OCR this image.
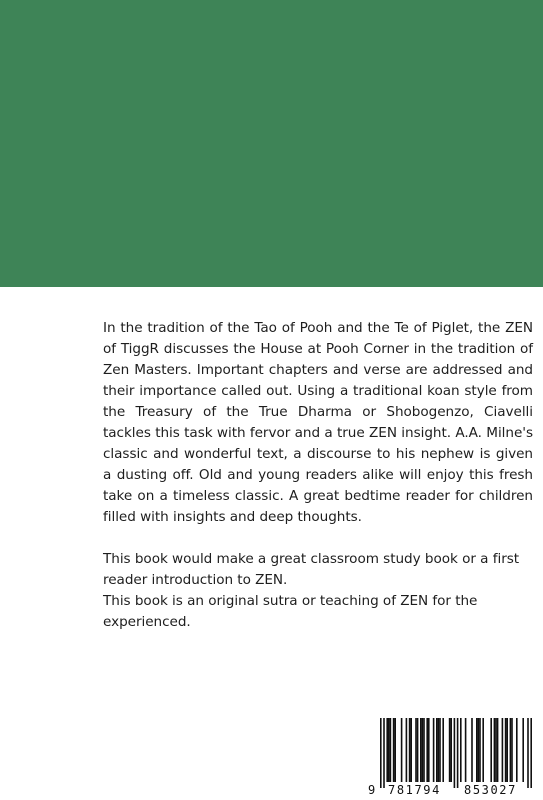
In the tradition of the Tao of Pooh and the Te of Piglet, the ZEN of TiggR discusses the House at Pooh Corner in the tradition of Zen Masters. Important chapters and verse are addressed and their importance called out. Using a traditional koan style from the Treasury of the True Dharma or Shobogenzo, Ciavelli tackles this task with fervor and a true ZEN insight. A.A. Milne's classic and wonderful text, a discourse to his nephew is given a dusting off. Old and young readers alike will enjoy this fresh take on a timeless classic. A great bedtime reader for children filled with insights and deep thoughts.

This book would make a great classroom study book or a first reader introduction to ZEN.

This book is an original sutra or teaching of ZEN for the experienced.

9 781794 853027
